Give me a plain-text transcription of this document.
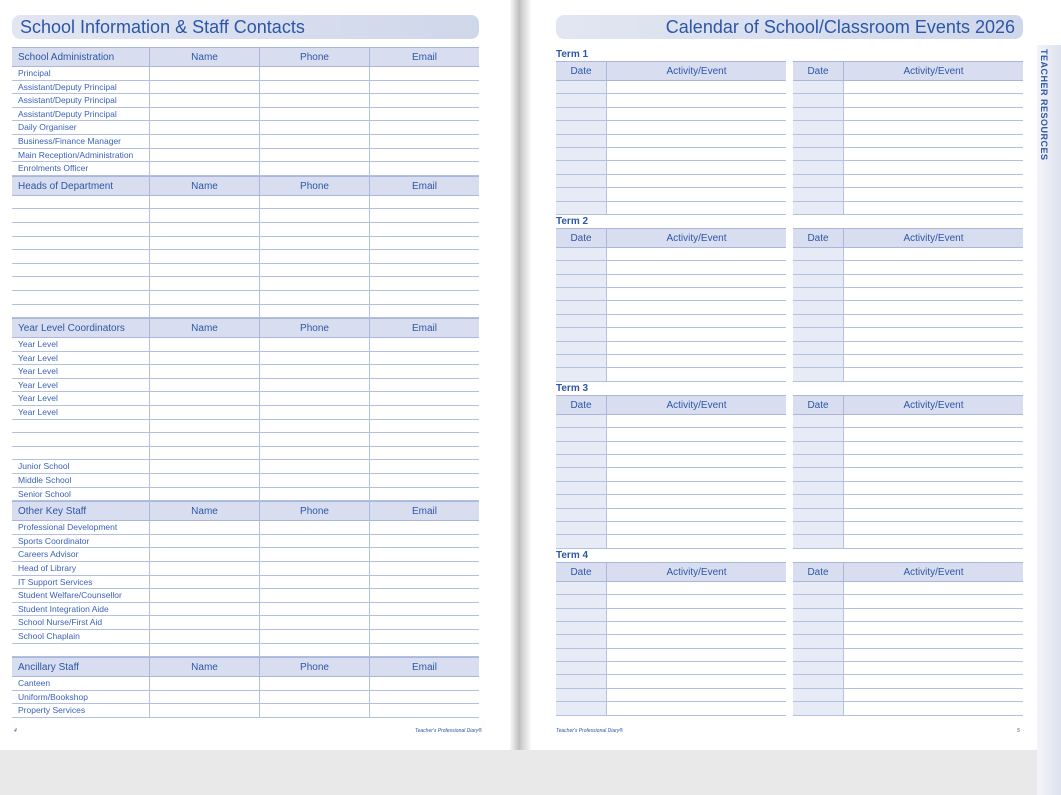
School Information & Staff Contacts
School Administration	Name	Phone	Email
Principal
Assistant/Deputy Principal
Assistant/Deputy Principal
Assistant/Deputy Principal
Daily Organiser
Business/Finance Manager
Main Reception/Administration
Enrolments Officer
Heads of Department	Name	Phone	Email
Year Level Coordinators	Name	Phone	Email
Year Level
Year Level
Year Level
Year Level
Year Level
Year Level
Junior School
Middle School
Senior School
Other Key Staff	Name	Phone	Email
Professional Development
Sports Coordinator
Careers Advisor
Head of Library
IT Support Services
Student Welfare/Counsellor
Student Integration Aide
School Nurse/First Aid
School Chaplain
Ancillary Staff	Name	Phone	Email
Canteen
Uniform/Bookshop
Property Services
4	Teacher's Professional Diary®
Calendar of School/Classroom Events 2026
TEACHER RESOURCES
Term 1
Date	Activity/Event	Date	Activity/Event
Term 2
Date	Activity/Event	Date	Activity/Event
Term 3
Date	Activity/Event	Date	Activity/Event
Term 4
Date	Activity/Event	Date	Activity/Event
Teacher's Professional Diary®	5
